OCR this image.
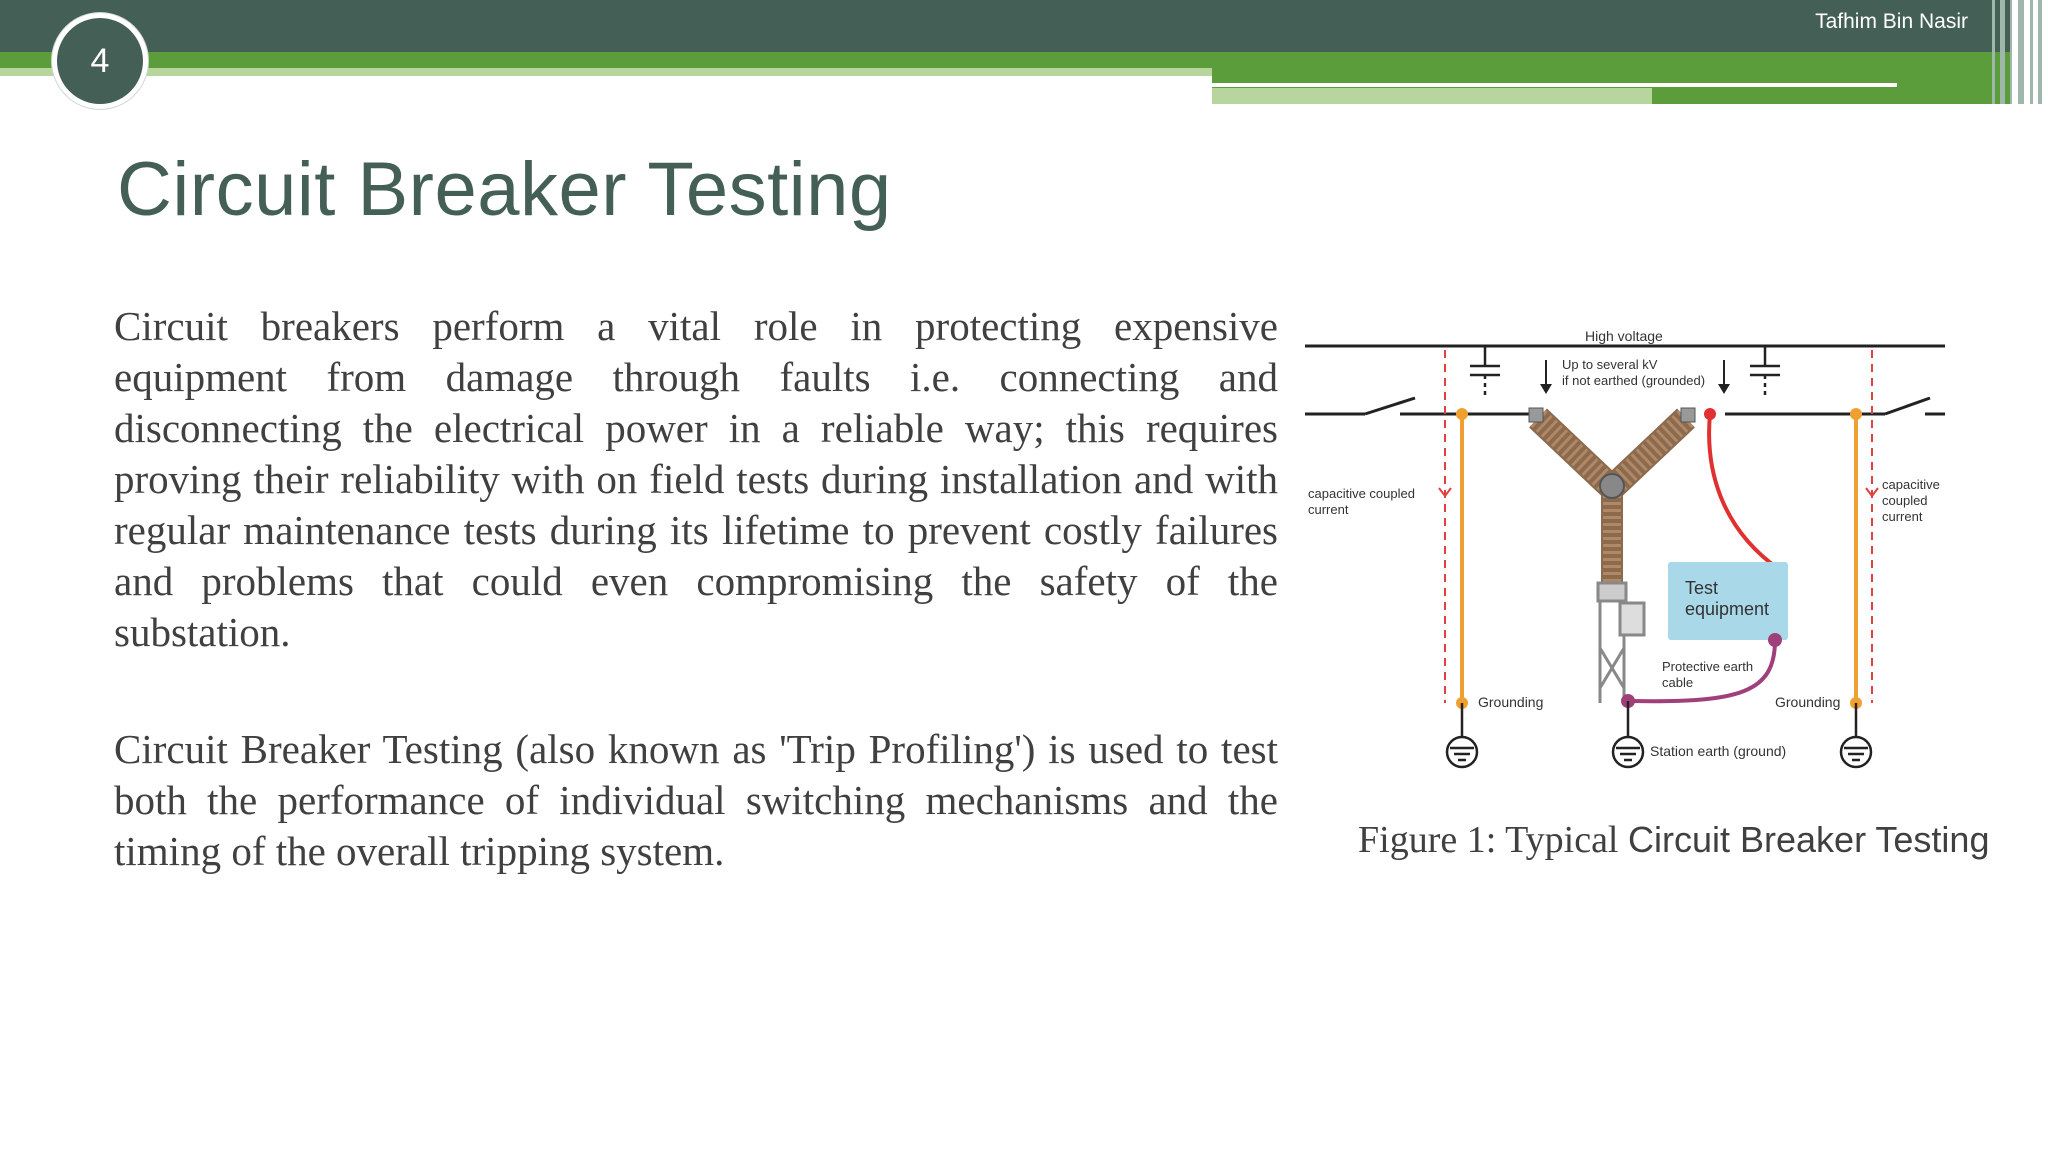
Tafhim Bin Nasir
4
Circuit Breaker Testing

Circuit breakers perform a vital role in protecting expensive equipment from damage through faults i.e. connecting and disconnecting the electrical power in a reliable way; this requires proving their reliability with on field tests during installation and with regular maintenance tests during its lifetime to prevent costly failures and problems that could even compromising the safety of the substation.

Circuit Breaker Testing (also known as 'Trip Profiling') is used to test both the performance of individual switching mechanisms and the timing of the overall tripping system.

High voltage
Up to several kV
if not earthed (grounded)
capacitive coupled
current
capacitive
coupled
current
Test
equipment
Protective earth
cable
Grounding	Grounding
Station earth (ground)

Figure 1: Typical Circuit Breaker Testing
